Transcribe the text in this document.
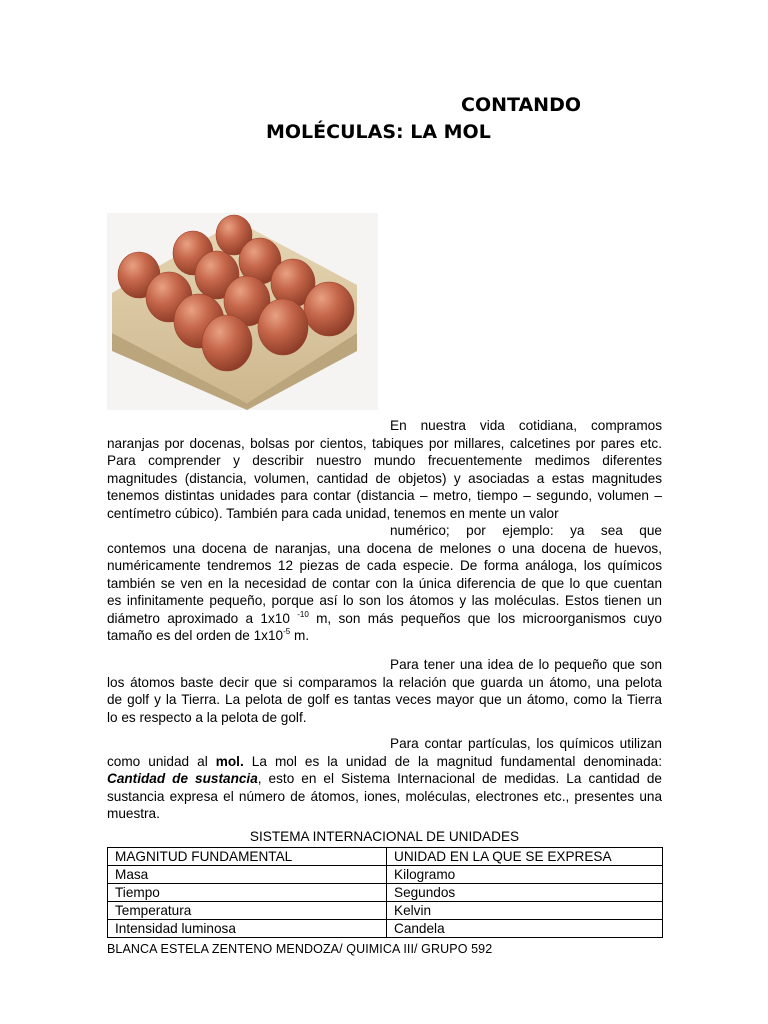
CONTANDO
MOLÉCULAS: LA MOL
En nuestra vida cotidiana, compramos
naranjas por docenas, bolsas por cientos, tabiques por millares, calcetines por pares etc.
Para comprender y describir nuestro mundo frecuentemente medimos diferentes
magnitudes (distancia, volumen, cantidad de objetos) y asociadas a estas magnitudes
tenemos distintas unidades para contar (distancia – metro, tiempo – segundo, volumen –
centímetro cúbico). También para cada unidad, tenemos en mente un valor
numérico; por ejemplo: ya sea que
contemos una docena de naranjas, una docena de melones o una docena de huevos,
numéricamente tendremos 12 piezas de cada especie. De forma análoga, los químicos
también se ven en la necesidad de contar con la única diferencia de que lo que cuentan
es infinitamente pequeño, porque así lo son los átomos y las moléculas. Estos tienen un
diámetro aproximado a 1x10 $^{-10}$ m, son más pequeños que los microorganismos cuyo
tamaño es del orden de $1x10^{-5}$ m.
Para tener una idea de lo pequeño que son
los átomos baste decir que si comparamos la relación que guarda un átomo, una pelota
de golf y la Tierra. La pelota de golf es tantas veces mayor que un átomo, como la Tierra
lo es respecto a la pelota de golf.
Para contar partículas, los químicos utilizan
como unidad al mol. La mol es la unidad de la magnitud fundamental denominada:
Cantidad de sustancia, esto en el Sistema Internacional de medidas. La cantidad de
sustancia expresa el número de átomos, iones, moléculas, electrones etc., presentes una
muestra.
SISTEMA INTERNACIONAL DE UNIDADES
MAGNITUD FUNDAMENTAL	UNIDAD EN LA QUE SE EXPRESA
Masa	Kilogramo
Tiempo	Segundos
Temperatura	Kelvin
Intensidad luminosa	Candela
BLANCA ESTELA ZENTENO MENDOZA/ QUIMICA III/ GRUPO 592
